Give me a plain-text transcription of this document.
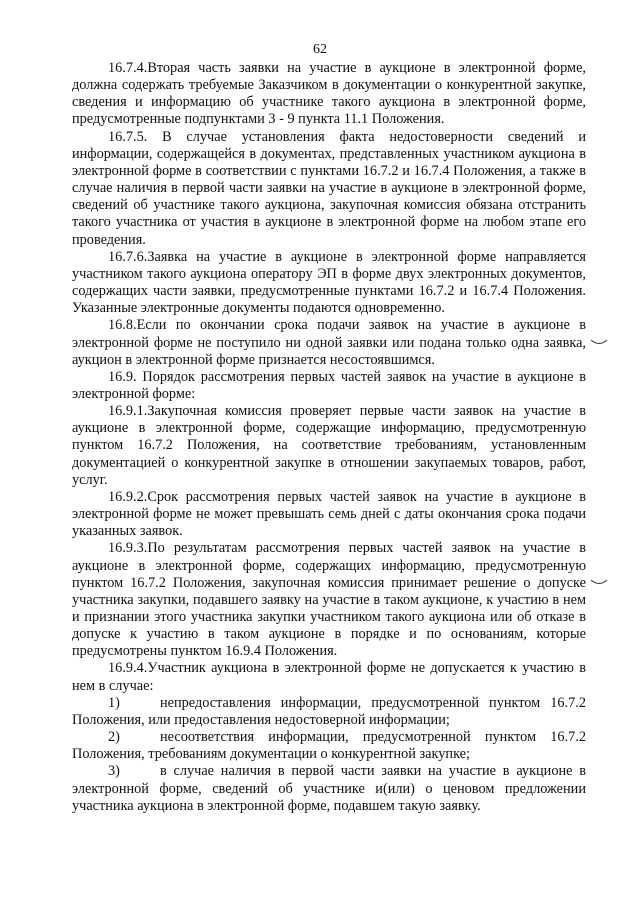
62

16.7.4.Вторая часть заявки на участие в аукционе в электронной форме, должна содержать требуемые Заказчиком в документации о конкурентной закупке, сведения и информацию об участнике такого аукциона в электронной форме, предусмотренные подпунктами 3 - 9 пункта 11.1 Положения.

16.7.5. В случае установления факта недостоверности сведений и информации, содержащейся в документах, представленных участником аукциона в электронной форме в соответствии с пунктами 16.7.2 и 16.7.4 Положения, а также в случае наличия в первой части заявки на участие в аукционе в электронной форме, сведений об участнике такого аукциона, закупочная комиссия обязана отстранить такого участника от участия в аукционе в электронной форме на любом этапе его проведения.

16.7.6.Заявка на участие в аукционе в электронной форме направляется участником такого аукциона оператору ЭП в форме двух электронных документов, содержащих части заявки, предусмотренные пунктами 16.7.2 и 16.7.4 Положения. Указанные электронные документы подаются одновременно.

16.8.Если по окончании срока подачи заявок на участие в аукционе в электронной форме не поступило ни одной заявки или подана только одна заявка, аукцион в электронной форме признается несостоявшимся.

16.9. Порядок рассмотрения первых частей заявок на участие в аукционе в электронной форме:

16.9.1.Закупочная комиссия проверяет первые части заявок на участие в аукционе в электронной форме, содержащие информацию, предусмотренную пунктом 16.7.2 Положения, на соответствие требованиям, установленным документацией о конкурентной закупке в отношении закупаемых товаров, работ, услуг.

16.9.2.Срок рассмотрения первых частей заявок на участие в аукционе в электронной форме не может превышать семь дней с даты окончания срока подачи указанных заявок.

16.9.3.По результатам рассмотрения первых частей заявок на участие в аукционе в электронной форме, содержащих информацию, предусмотренную пунктом 16.7.2 Положения, закупочная комиссия принимает решение о допуске участника закупки, подавшего заявку на участие в таком аукционе, к участию в нем и признании этого участника закупки участником такого аукциона или об отказе в допуске к участию в таком аукционе в порядке и по основаниям, которые предусмотрены пунктом 16.9.4 Положения.

16.9.4.Участник аукциона в электронной форме не допускается к участию в нем в случае:

1)	непредоставления информации, предусмотренной пунктом 16.7.2 Положения, или предоставления недостоверной информации;
2)	несоответствия информации, предусмотренной пунктом 16.7.2 Положения, требованиям документации о конкурентной закупке;
3)	в случае наличия в первой части заявки на участие в аукционе в электронной форме, сведений об участнике и(или) о ценовом предложении участника аукциона в электронной форме, подавшем такую заявку.
